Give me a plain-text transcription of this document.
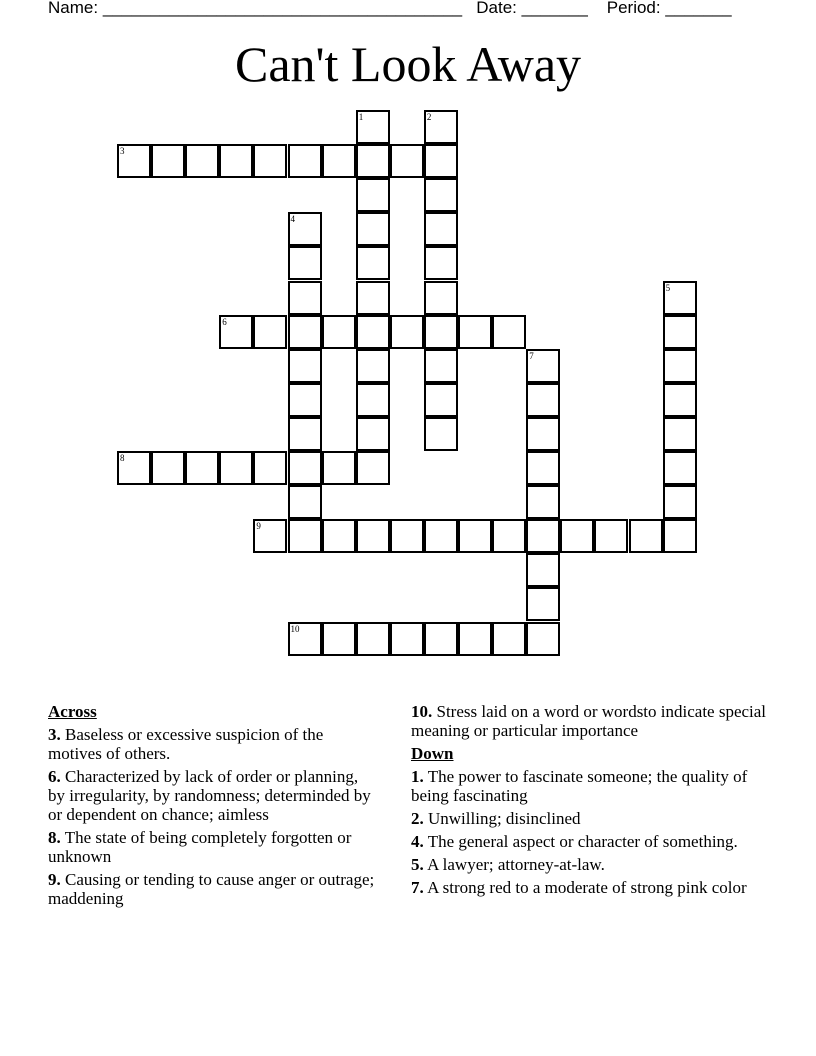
Name: ______________________________________ Date: _______ Period: _______
Can't Look Away
1	2
3
4
5
6
7
8
9
10
Across
3. Baseless or excessive suspicion of the motives of others.
6. Characterized by lack of order or planning, by irregularity, by randomness; determinded by or dependent on chance; aimless
8. The state of being completely forgotten or unknown
9. Causing or tending to cause anger or outrage; maddening
10. Stress laid on a word or wordsto indicate special meaning or particular importance
Down
1. The power to fascinate someone; the quality of being fascinating
2. Unwilling; disinclined
4. The general aspect or character of something.
5. A lawyer; attorney-at-law.
7. A strong red to a moderate of strong pink color
